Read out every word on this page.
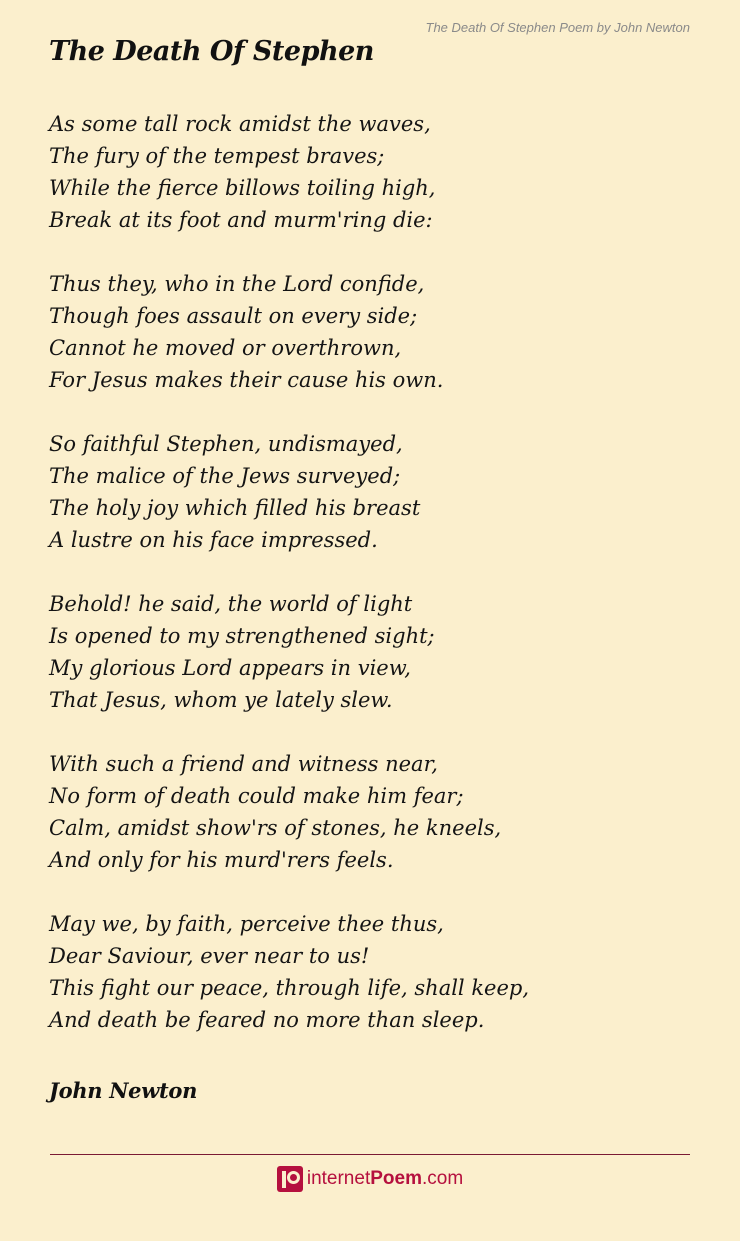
The Death Of Stephen Poem by John Newton
The Death Of Stephen
As some tall rock amidst the waves,
The fury of the tempest braves;
While the fierce billows toiling high,
Break at its foot and murm'ring die:
Thus they, who in the Lord confide,
Though foes assault on every side;
Cannot he moved or overthrown,
For Jesus makes their cause his own.
So faithful Stephen, undismayed,
The malice of the Jews surveyed;
The holy joy which filled his breast
A lustre on his face impressed.
Behold! he said, the world of light
Is opened to my strengthened sight;
My glorious Lord appears in view,
That Jesus, whom ye lately slew.
With such a friend and witness near,
No form of death could make him fear;
Calm, amidst show'rs of stones, he kneels,
And only for his murd'rers feels.
May we, by faith, perceive thee thus,
Dear Saviour, ever near to us!
This fight our peace, through life, shall keep,
And death be feared no more than sleep.
John Newton
internetPoem.com
